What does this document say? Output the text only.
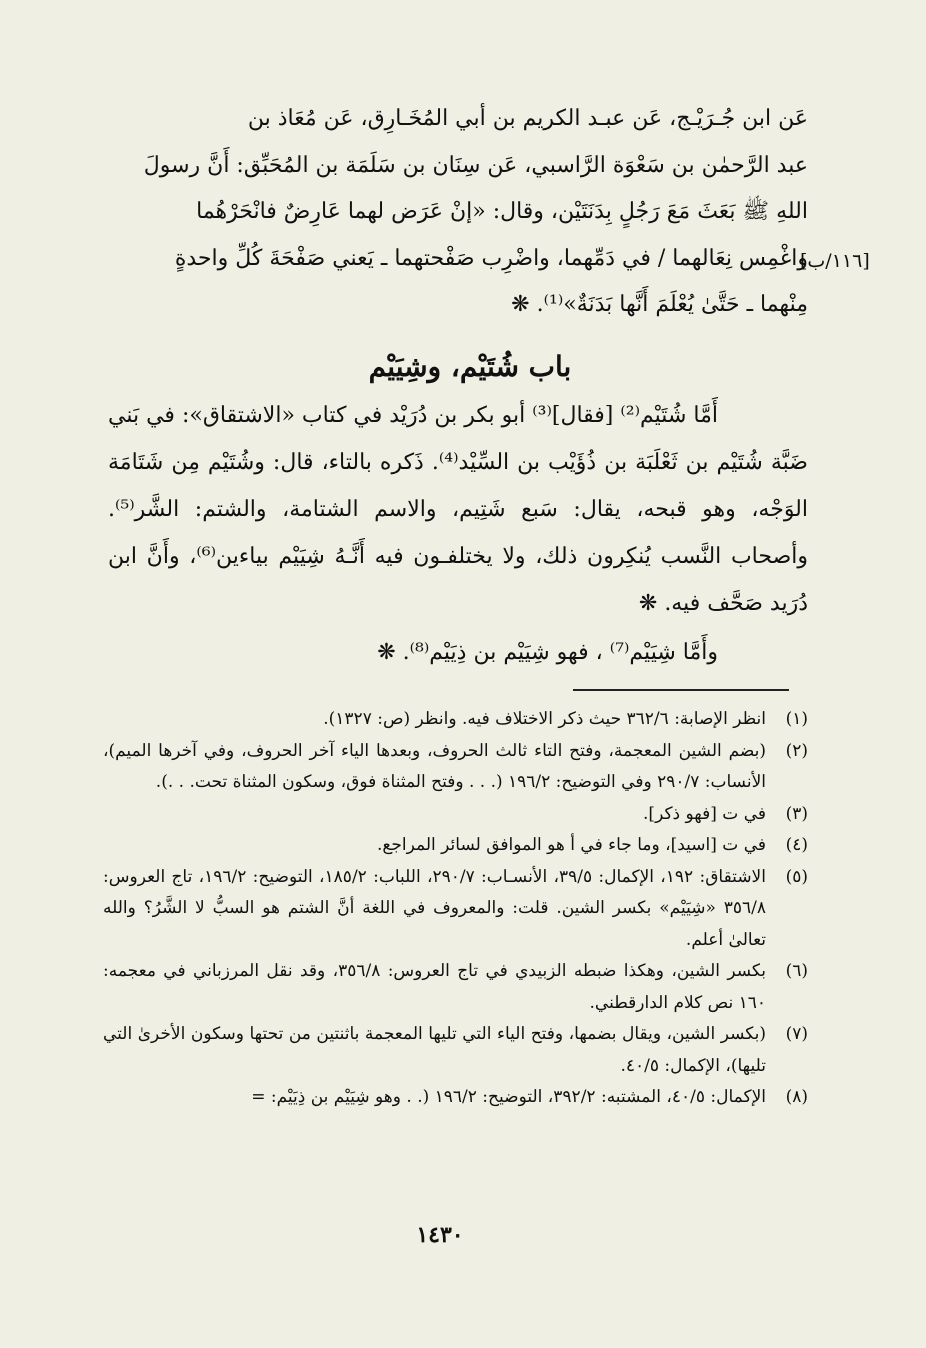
عَن ابن جُـرَيْـج، عَن عبـد الكريم بن أبي المُخَـارِق، عَن مُعَاذ بن

عبد الرَّحمٰن بن سَعْوَة الرَّاسبي، عَن سِنَان بن سَلَمَة بن المُحَبِّق: أَنَّ رسولَ

اللهِ ﷺ بَعَثَ مَعَ رَجُلٍ بِدَنَتَيْن، وقال: «إنْ عَرَض لهما عَارِضٌ فانْحَرْهُما

واغْمِس نِعَالهما / في دَمِّهما، واضْرِب صَفْحتهما ـ يَعني صَفْحَةَ كُلِّ واحدةٍ

مِنْهما ـ حَتَّىٰ يُعْلَمَ أَنَّها بَدَنَةٌ»⁽¹⁾. ❋

[١١٦/ب]
باب شُتَيْم، وشِيَيْم

أَمَّا شُتَيْم⁽²⁾ [فقال]⁽³⁾ أبو بكر بن دُرَيْد في كتاب «الاشتقاق»: في بَني ضَبَّة شُتَيْم بن ثَعْلَبَة بن ذُؤَيْب بن السِّيْد⁽⁴⁾. ذَكره بالتاء، قال: وشُتَيْم مِن شَتَامَة الوَجْه، وهو قبحه، يقال: سَبع شَتِيم، والاسم الشتامة، والشتم: الشَّر⁽⁵⁾. وأصحاب النَّسب يُنكِرون ذلك، ولا يختلفـون فيه أَنَّـهُ شِيَيْم بياءين⁽⁶⁾، وأَنَّ ابن دُرَيد صَحَّف فيه. ❋

وأَمَّا شِيَيْم⁽⁷⁾ ، فهو شِيَيْم بن ذِيَيْم⁽⁸⁾. ❋
(١)
انظر الإصابة: ٣٦٢/٦ حيث ذكر الاختلاف فيه. وانظر (ص: ١٣٢٧).
(٢)
(بضم الشين المعجمة، وفتح التاء ثالث الحروف، وبعدها الياء آخر الحروف، وفي آخرها الميم)، الأنساب: ٢٩٠/٧ وفي التوضيح: ١٩٦/٢ (. . . وفتح المثناة فوق، وسكون المثناة تحت. . .).
(٣)
في ت [فهو ذكر].
(٤)
في ت [اسيد]، وما جاء في أ هو الموافق لسائر المراجع.
(٥)
الاشتقاق: ١٩٢، الإكمال: ٣٩/٥، الأنسـاب: ٢٩٠/٧، اللباب: ١٨٥/٢، التوضيح: ١٩٦/٢، تاج العروس: ٣٥٦/٨ «شِيَيْم» بكسر الشين. قلت: والمعروف في اللغة أنَّ الشتم هو السبُّ لا الشَّرُ؟ والله تعالىٰ أعلم.
(٦)
بكسر الشين، وهكذا ضبطه الزبيدي في تاج العروس: ٣٥٦/٨، وقد نقل المرزباني في معجمه: ١٦٠ نص كلام الدارقطني.
(٧)
(بكسر الشين، ويقال بضمها، وفتح الياء التي تليها المعجمة باثنتين من تحتها وسكون الأخرىٰ التي تليها)، الإكمال: ٤٠/٥.
(٨)
الإكمال: ٤٠/٥، المشتبه: ٣٩٢/٢، التوضيح: ١٩٦/٢ (. . وهو شِيَيْم بن ذِيَيْم: =
١٤٣٠
